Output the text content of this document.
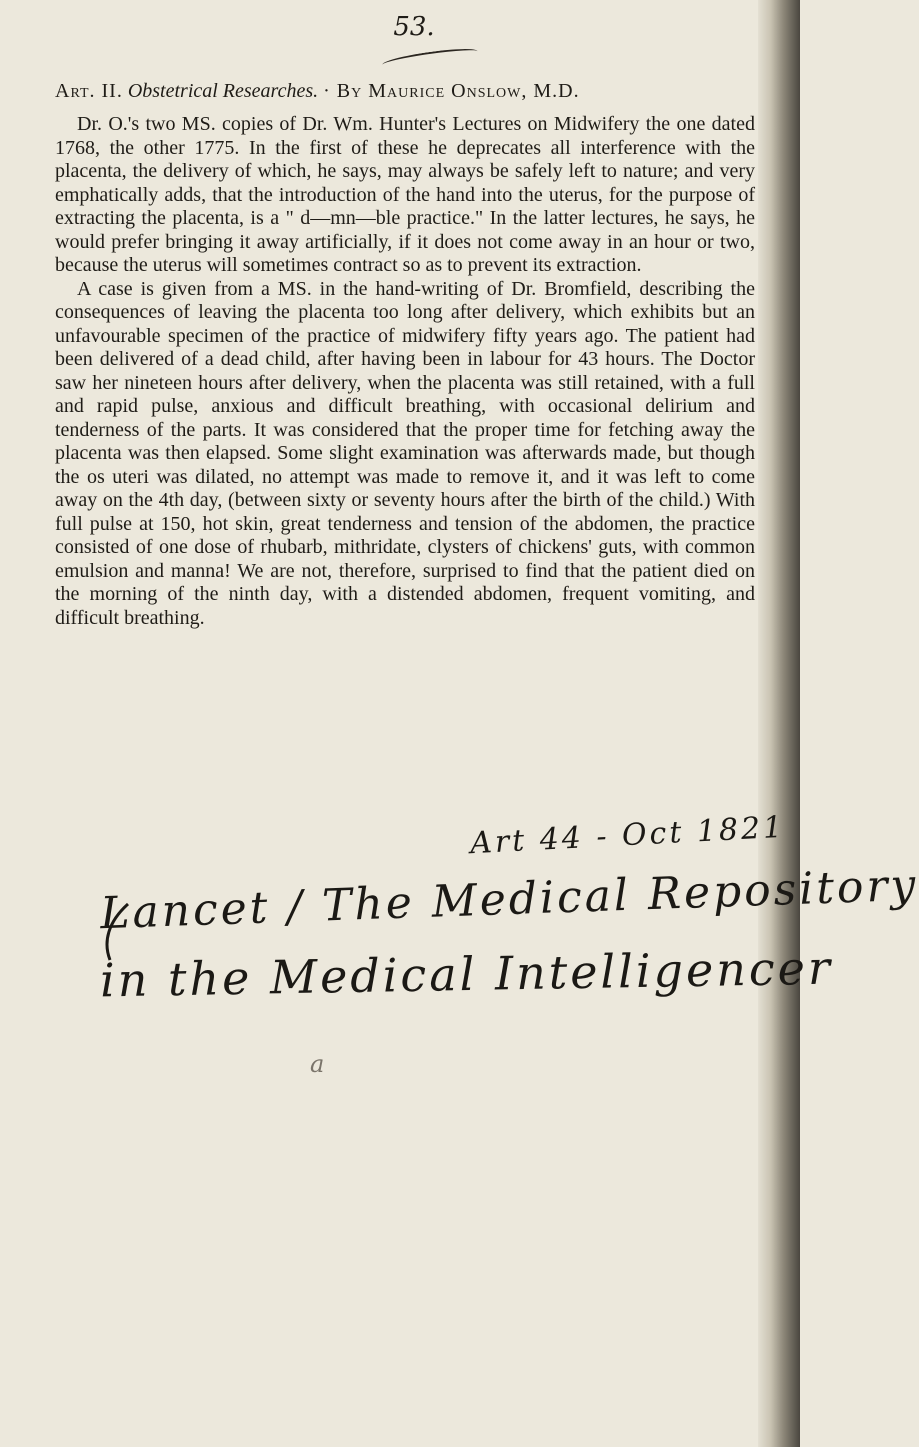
53.
Art. II. Obstetrical Researches. · By Maurice Onslow, M.D.

Dr. O.'s two MS. copies of Dr. Wm. Hunter's Lectures on Midwifery the one dated 1768, the other 1775. In the first of these he deprecates all interference with the placenta, the delivery of which, he says, may always be safely left to nature; and very emphatically adds, that the introduction of the hand into the uterus, for the purpose of extracting the placenta, is a " d—mn—ble practice." In the latter lectures, he says, he would prefer bringing it away artificially, if it does not come away in an hour or two, because the uterus will sometimes contract so as to prevent its extraction.

A case is given from a MS. in the hand-writing of Dr. Bromfield, describing the consequences of leaving the placenta too long after delivery, which exhibits but an unfavourable specimen of the practice of midwifery fifty years ago. The patient had been delivered of a dead child, after having been in labour for 43 hours. The Doctor saw her nineteen hours after delivery, when the placenta was still retained, with a full and rapid pulse, anxious and difficult breathing, with occasional delirium and tenderness of the parts. It was considered that the proper time for fetching away the placenta was then elapsed. Some slight examination was afterwards made, but though the os uteri was dilated, no attempt was made to remove it, and it was left to come away on the 4th day, (between sixty or seventy hours after the birth of the child.) With full pulse at 150, hot skin, great tenderness and tension of the abdomen, the practice consisted of one dose of rhubarb, mithridate, clysters of chickens' guts, with common emulsion and manna! We are not, therefore, surprised to find that the patient died on the morning of the ninth day, with a distended abdomen, frequent vomiting, and difficult breathing.

Art 44 - Oct 1821
Lancet / The Medical Repository
in the Medical Intelligencer
a
